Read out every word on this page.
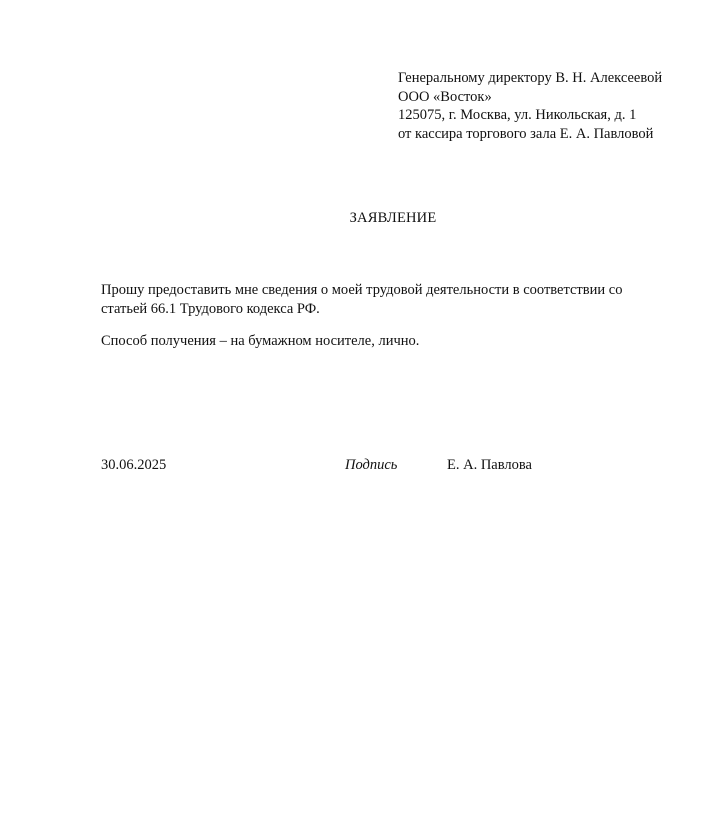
Генеральному директору В. Н. Алексеевой
ООО «Восток»
125075, г. Москва, ул. Никольская, д. 1
от кассира торгового зала Е. А. Павловой
ЗАЯВЛЕНИЕ
Прошу предоставить мне сведения о моей трудовой деятельности в соответствии со статьей 66.1 Трудового кодекса РФ.
Способ получения – на бумажном носителе, лично.
30.06.2025	Подпись	Е. А. Павлова
